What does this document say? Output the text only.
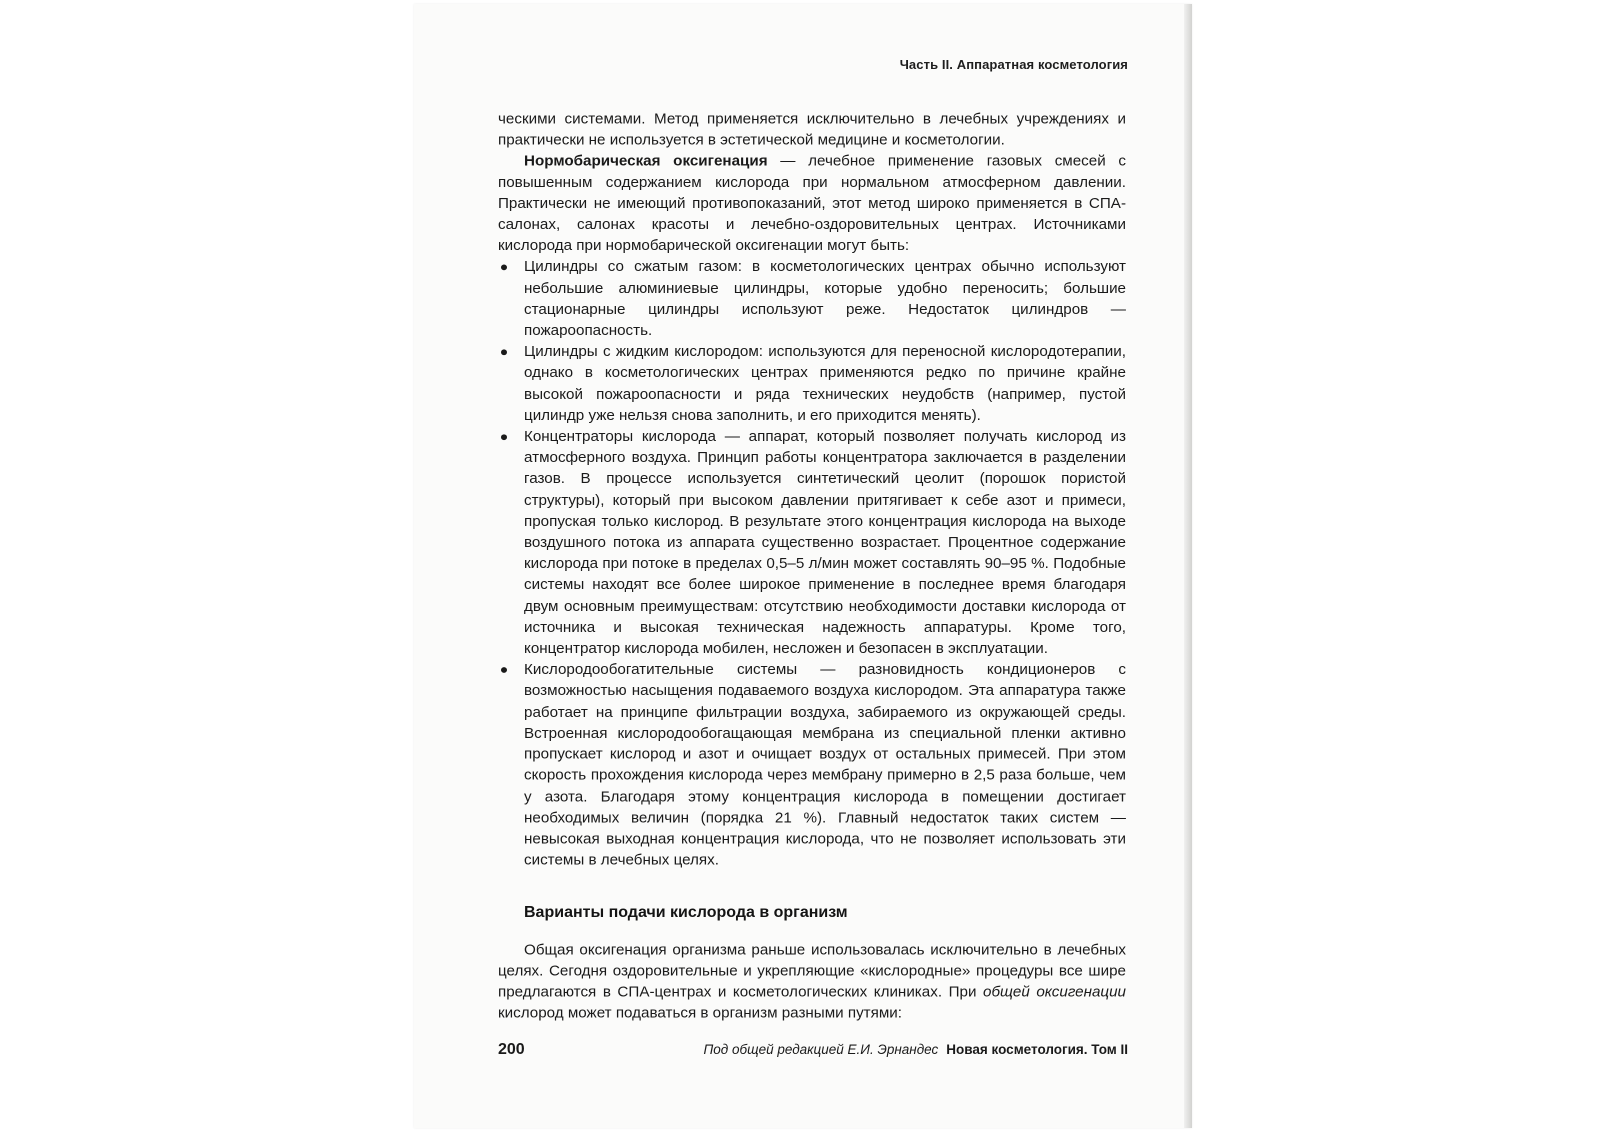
Часть II. Аппаратная косметология

ческими системами. Метод применяется исключительно в лечебных учреждениях и практически не используется в эстетической медицине и косметологии.

Нормобарическая оксигенация — лечебное применение газовых смесей с повышенным содержанием кислорода при нормальном атмосферном давлении. Практически не имеющий противопоказаний, этот метод широко применяется в СПА-салонах, салонах красоты и лечебно-оздоровительных центрах. Источниками кислорода при нормобарической оксигенации могут быть:

Цилиндры со сжатым газом: в косметологических центрах обычно используют небольшие алюминиевые цилиндры, которые удобно переносить; большие стационарные цилиндры используют реже. Недостаток цилиндров — пожароопасность.
Цилиндры с жидким кислородом: используются для переносной кислородотерапии, однако в косметологических центрах применяются редко по причине крайне высокой пожароопасности и ряда технических неудобств (например, пустой цилиндр уже нельзя снова заполнить, и его приходится менять).
Концентраторы кислорода — аппарат, который позволяет получать кислород из атмосферного воздуха. Принцип работы концентратора заключается в разделении газов. В процессе используется синтетический цеолит (порошок пористой структуры), который при высоком давлении притягивает к себе азот и примеси, пропуская только кислород. В результате этого концентрация кислорода на выходе воздушного потока из аппарата существенно возрастает. Процентное содержание кислорода при потоке в пределах 0,5–5 л/мин может составлять 90–95 %. Подобные системы находят все более широкое применение в последнее время благодаря двум основным преимуществам: отсутствию необходимости доставки кислорода от источника и высокая техническая надежность аппаратуры. Кроме того, концентратор кислорода мобилен, несложен и безопасен в эксплуатации.
Кислородообогатительные системы — разновидность кондиционеров с возможностью насыщения подаваемого воздуха кислородом. Эта аппаратура также работает на принципе фильтрации воздуха, забираемого из окружающей среды. Встроенная кислородообогащающая мембрана из специальной пленки активно пропускает кислород и азот и очищает воздух от остальных примесей. При этом скорость прохождения кислорода через мембрану примерно в 2,5 раза больше, чем у азота. Благодаря этому концентрация кислорода в помещении достигает необходимых величин (порядка 21 %). Главный недостаток таких систем — невысокая выходная концентрация кислорода, что не позволяет использовать эти системы в лечебных целях.
Варианты подачи кислорода в организм

Общая оксигенация организма раньше использовалась исключительно в лечебных целях. Сегодня оздоровительные и укрепляющие «кислородные» процедуры все шире предлагаются в СПА-центрах и косметологических клиниках. При общей оксигенации кислород может подаваться в организм разными путями:

200	Под общей редакцией Е.И. Эрнандес Новая косметология. Том II
